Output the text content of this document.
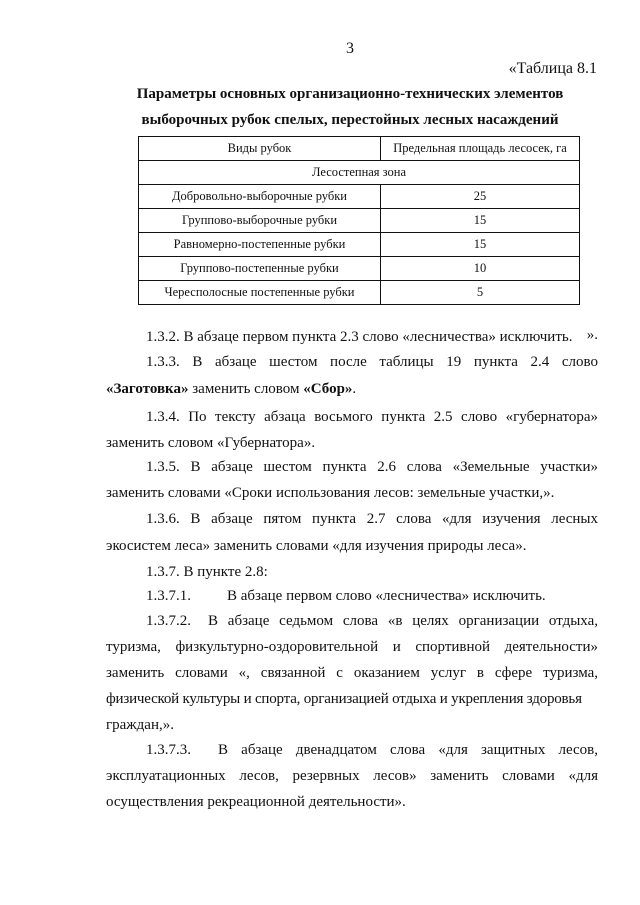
3
«Таблица 8.1
Параметры основных организационно-технических элементов
выборочных рубок спелых, перестойных лесных насаждений
Виды рубок	Предельная площадь лесосек, га
Лесостепная зона	
Добровольно-выборочные рубки	25
Группово-выборочные рубки	15
Равномерно-постепенные рубки	15
Группово-постепенные рубки	10
Чересполосные постепенные рубки	5
».
1.3.2. В абзаце первом пункта 2.3 слово «лесничества» исключить.
1.3.3. В абзаце шестом после таблицы 19 пункта 2.4 слово
«Заготовка» заменить словом «Сбор».
1.3.4. По тексту абзаца восьмого пункта 2.5 слово «губернатора»
заменить словом «Губернатора».
1.3.5. В абзаце шестом пункта 2.6 слова «Земельные участки»
заменить словами «Сроки использования лесов: земельные участки,».
1.3.6. В абзаце пятом пункта 2.7 слова «для изучения лесных
экосистем леса» заменить словами «для изучения природы леса».
1.3.7. В пункте 2.8:
1.3.7.1. В абзаце первом слово «лесничества» исключить.
1.3.7.2. В абзаце седьмом слова «в целях организации отдыха,
туризма, физкультурно-оздоровительной и спортивной деятельности»
заменить словами «, связанной с оказанием услуг в сфере туризма,
физической культуры и спорта, организацией отдыха и укрепления здоровья
граждан,».
1.3.7.3. В абзаце двенадцатом слова «для защитных лесов,
эксплуатационных лесов, резервных лесов» заменить словами «для
осуществления рекреационной деятельности».
